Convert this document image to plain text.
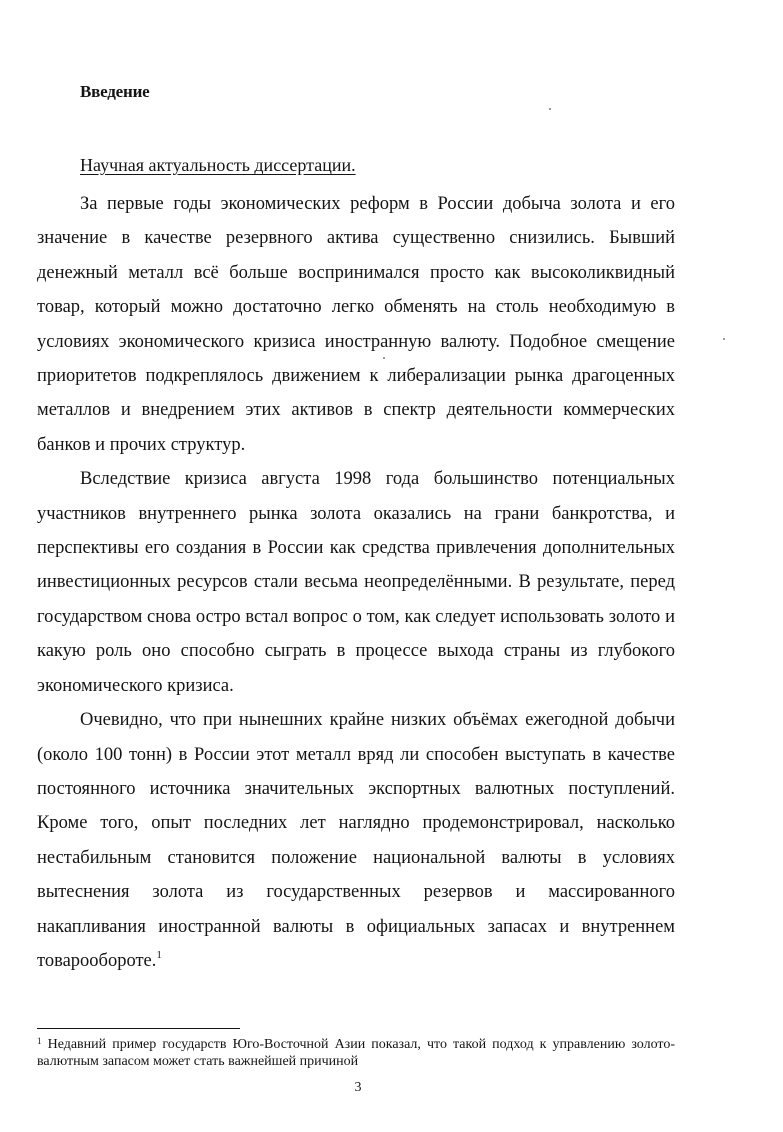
Введение
Научная актуальность диссертации.

За первые годы экономических реформ в России добыча золота и его значение в качестве резервного актива существенно снизились. Бывший денежный металл всё больше воспринимался просто как высоколиквидный товар, который можно достаточно легко обменять на столь необходимую в условиях экономического кризиса иностранную валюту. Подобное смещение приоритетов подкреплялось движением к либерализации рынка драгоценных металлов и внедрением этих активов в спектр деятельности коммерческих банков и прочих структур.

Вследствие кризиса августа 1998 года большинство потенциальных участников внутреннего рынка золота оказались на грани банкротства, и перспективы его создания в России как средства привлечения дополнительных инвестиционных ресурсов стали весьма неопределёнными. В результате, перед государством снова остро встал вопрос о том, как следует использовать золото и какую роль оно способно сыграть в процессе выхода страны из глубокого экономического кризиса.

Очевидно, что при нынешних крайне низких объёмах ежегодной добычи (около 100 тонн) в России этот металл вряд ли способен выступать в качестве постоянного источника значительных экспортных валютных поступлений. Кроме того, опыт последних лет наглядно продемонстрировал, насколько нестабильным становится положение национальной валюты в условиях вытеснения золота из государственных резервов и массированного накапливания иностранной валюты в официальных запасах и внутреннем товарообороте.$^1$

$^1$ Недавний пример государств Юго-Восточной Азии показал, что такой подход к управлению золото-валютным запасом может стать важнейшей причиной
3
